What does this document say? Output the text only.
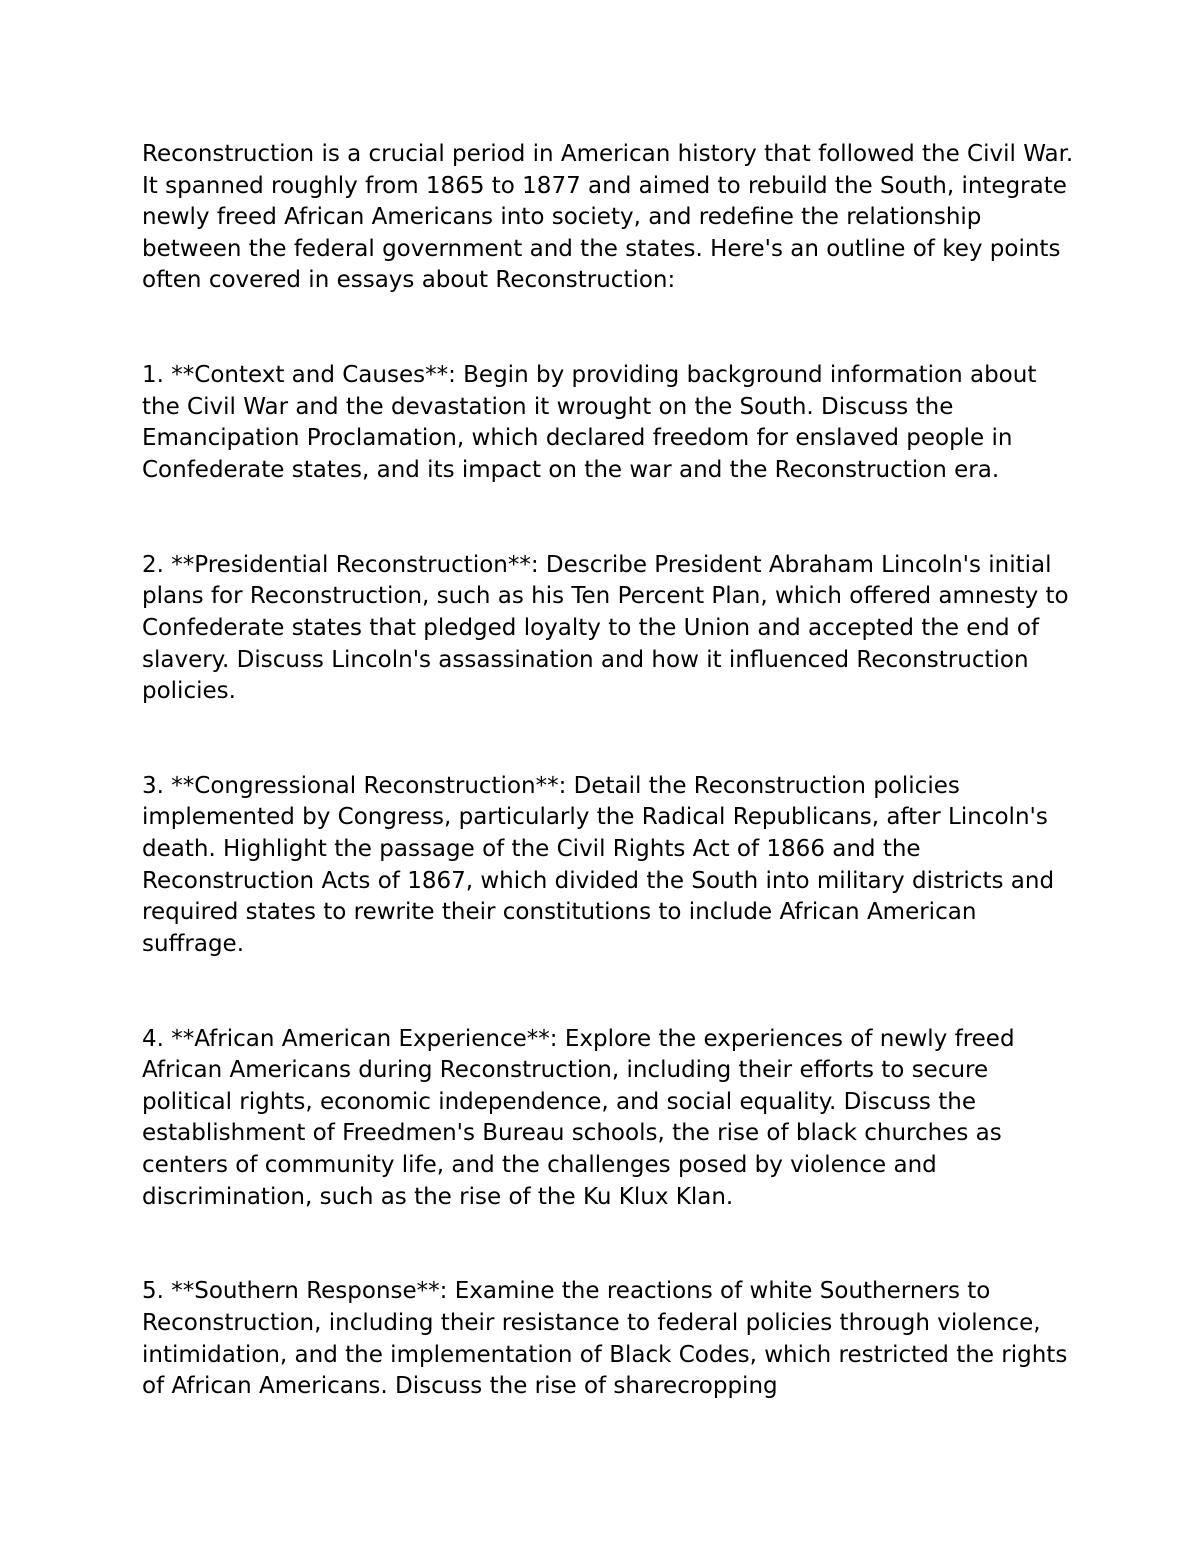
Reconstruction is a crucial period in American history that followed the Civil War. It spanned roughly from 1865 to 1877 and aimed to rebuild the South, integrate newly freed African Americans into society, and redefine the relationship between the federal government and the states. Here's an outline of key points often covered in essays about Reconstruction:

1. **Context and Causes**: Begin by providing background information about the Civil War and the devastation it wrought on the South. Discuss the Emancipation Proclamation, which declared freedom for enslaved people in Confederate states, and its impact on the war and the Reconstruction era.

2. **Presidential Reconstruction**: Describe President Abraham Lincoln's initial plans for Reconstruction, such as his Ten Percent Plan, which offered amnesty to Confederate states that pledged loyalty to the Union and accepted the end of slavery. Discuss Lincoln's assassination and how it influenced Reconstruction policies.

3. **Congressional Reconstruction**: Detail the Reconstruction policies implemented by Congress, particularly the Radical Republicans, after Lincoln's death. Highlight the passage of the Civil Rights Act of 1866 and the Reconstruction Acts of 1867, which divided the South into military districts and required states to rewrite their constitutions to include African American suffrage.

4. **African American Experience**: Explore the experiences of newly freed African Americans during Reconstruction, including their efforts to secure political rights, economic independence, and social equality. Discuss the establishment of Freedmen's Bureau schools, the rise of black churches as centers of community life, and the challenges posed by violence and discrimination, such as the rise of the Ku Klux Klan.

5. **Southern Response**: Examine the reactions of white Southerners to Reconstruction, including their resistance to federal policies through violence, intimidation, and the implementation of Black Codes, which restricted the rights of African Americans. Discuss the rise of sharecropping
